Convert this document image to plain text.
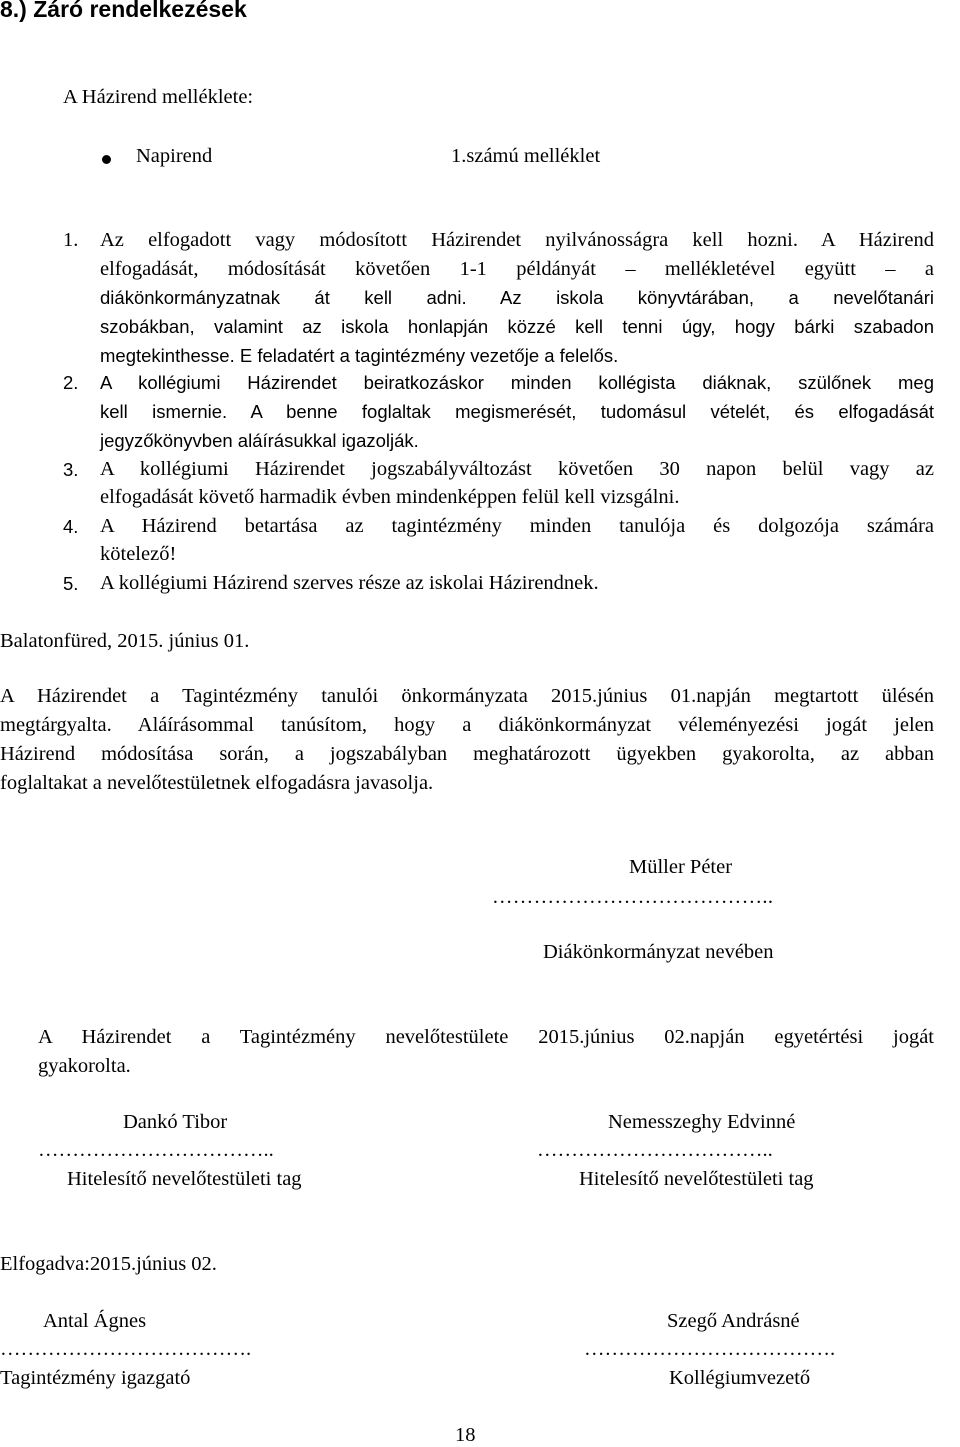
8.) Záró rendelkezések
A Házirend melléklete:
Napirend	1.számú melléklet
1. Az elfogadott vagy módosított Házirendet nyilvánosságra kell hozni. A Házirend
elfogadását, módosítását követően 1-1 példányát – mellékletével együtt – a
diákönkormányzatnak át kell adni. Az iskola könyvtárában, a nevelőtanári
szobákban, valamint az iskola honlapján közzé kell tenni úgy, hogy bárki szabadon
megtekinthesse. E feladatért a tagintézmény vezetője a felelős.
2. A kollégiumi Házirendet beiratkozáskor minden kollégista diáknak, szülőnek meg
kell ismernie. A benne foglaltak megismerését, tudomásul vételét, és elfogadását
jegyzőkönyvben aláírásukkal igazolják.
3. A kollégiumi Házirendet jogszabályváltozást követően 30 napon belül vagy az
elfogadását követő harmadik évben mindenképpen felül kell vizsgálni.
4. A Házirend betartása az tagintézmény minden tanulója és dolgozója számára
kötelező!
5. A kollégiumi Házirend szerves része az iskolai Házirendnek.
Balatonfüred, 2015. június 01.
A Házirendet a Tagintézmény tanulói önkormányzata 2015.június 01.napján megtartott ülésén
megtárgyalta. Aláírásommal tanúsítom, hogy a diákönkormányzat véleményezési jogát jelen
Házirend módosítása során, a jogszabályban meghatározott ügyekben gyakorolta, az abban
foglaltakat a nevelőtestületnek elfogadásra javasolja.
Müller Péter
…………………………………..
Diákönkormányzat nevében
A Házirendet a Tagintézmény nevelőtestülete 2015.június 02.napján egyetértési jogát
gyakorolta.
Dankó Tibor
……………………………..
Hitelesítő nevelőtestületi tag
Nemesszeghy Edvinné
……………………………..
Hitelesítő nevelőtestületi tag
Elfogadva:2015.június 02.
Antal Ágnes
……………………………….
Tagintézmény igazgató
Szegő Andrásné
……………………………….
Kollégiumvezető
18
